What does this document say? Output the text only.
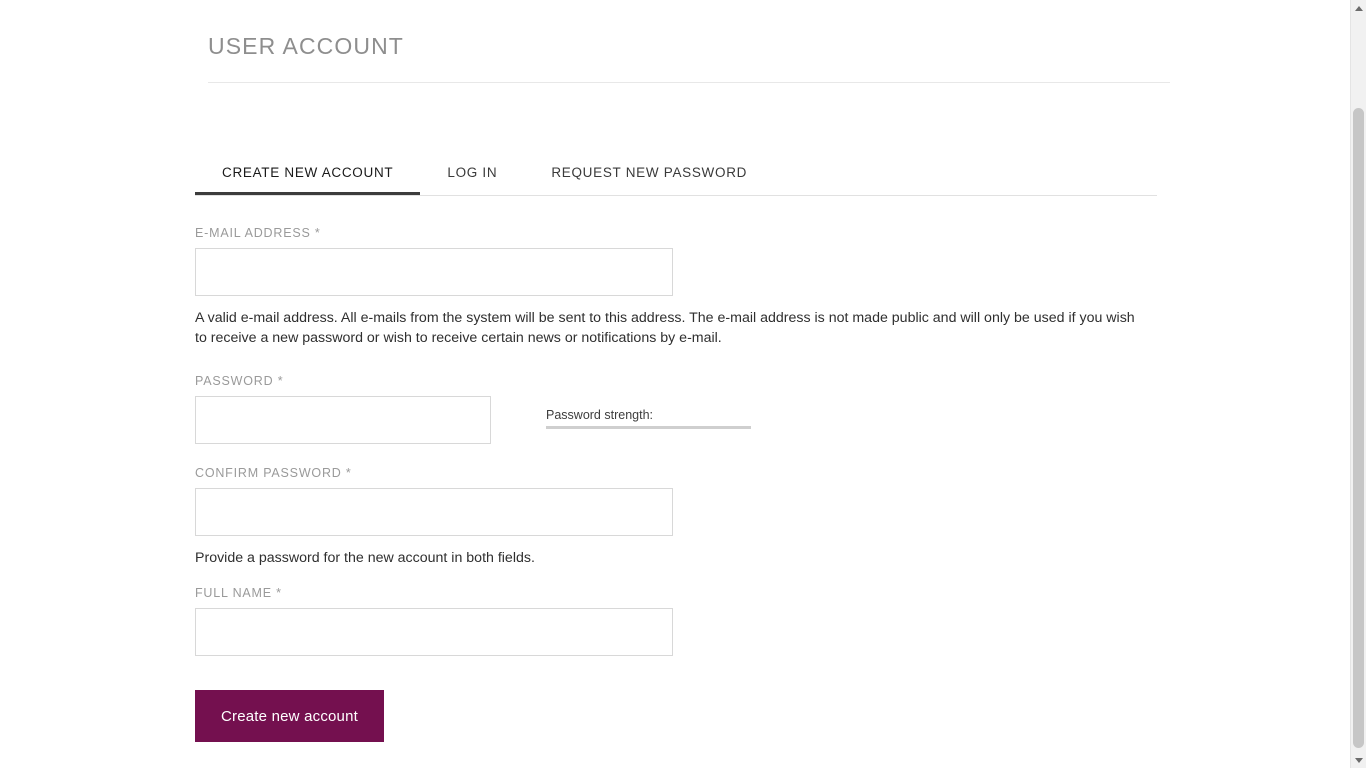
USER ACCOUNT
CREATE NEW ACCOUNT	LOG IN	REQUEST NEW PASSWORD
E-MAIL ADDRESS *
A valid e-mail address. All e-mails from the system will be sent to this address. The e-mail address is not made public and will only be used if you wish to receive a new password or wish to receive certain news or notifications by e-mail.
PASSWORD *
Password strength:
CONFIRM PASSWORD *
Provide a password for the new account in both fields.
FULL NAME *
Create new account
